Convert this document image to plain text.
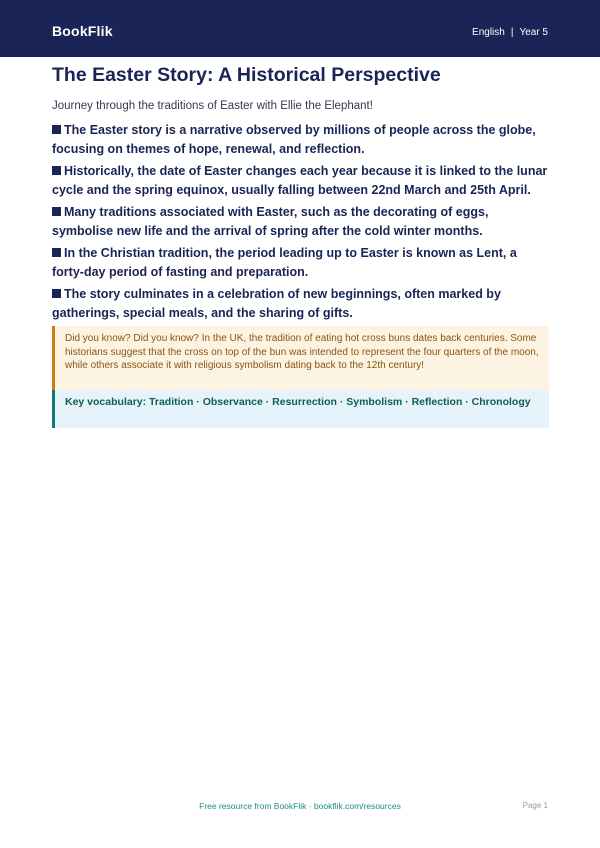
BookFlik	English | Year 5
The Easter Story: A Historical Perspective
Journey through the traditions of Easter with Ellie the Elephant!
The Easter story is a narrative observed by millions of people across the globe, focusing on themes of hope, renewal, and reflection.
Historically, the date of Easter changes each year because it is linked to the lunar cycle and the spring equinox, usually falling between 22nd March and 25th April.
Many traditions associated with Easter, such as the decorating of eggs, symbolise new life and the arrival of spring after the cold winter months.
In the Christian tradition, the period leading up to Easter is known as Lent, a forty-day period of fasting and preparation.
The story culminates in a celebration of new beginnings, often marked by gatherings, special meals, and the sharing of gifts.

Did you know? Did you know? In the UK, the tradition of eating hot cross buns dates back centuries. Some historians suggest that the cross on top of the bun was intended to represent the four quarters of the moon, while others associate it with religious symbolism dating back to the 12th century!

Key vocabulary: Tradition · Observance · Resurrection · Symbolism · Reflection · Chronology

Free resource from BookFlik · bookflik.com/resources	Page 1
